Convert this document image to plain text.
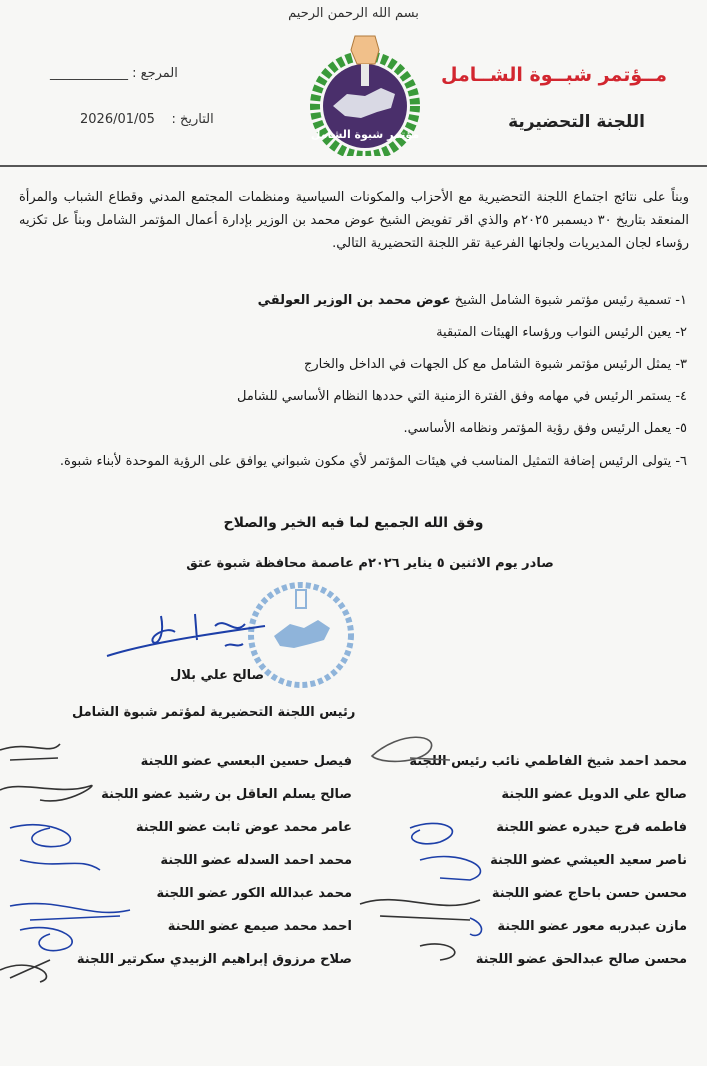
بسم الله الرحمن الرحيم
مــؤتمر شبــوة الشــامل
اللجنة التحضيرية
المرجع : ____________
التاريخ :    2026/01/05
مؤتمر شبوة الشامل
وبناً على نتائج اجتماع اللجنة التحضيرية مع الأحزاب والمكونات السياسية ومنظمات المجتمع المدني وقطاع الشباب والمرأة المنعقد بتاريخ ٣٠ ديسمبر ٢٠٢٥م والذي اقر تفويض الشيخ عوض محمد بن الوزير بإدارة أعمال المؤتمر الشامل وبناً عل تكزيه رؤساء لجان المديريات ولجانها الفرعية تقر اللجنة التحضيرية التالي.
١- تسمية رئيس مؤتمر شبوة الشامل الشيخ عوض محمد بن الوزير العولقي
٢- يعين الرئيس النواب ورؤساء الهيئات المتبقية
٣- يمثل الرئيس مؤتمر شبوة الشامل مع كل الجهات في الداخل والخارج
٤- يستمر الرئيس في مهامه وفق الفترة الزمنية التي حددها النظام الأساسي للشامل
٥- يعمل الرئيس وفق رؤية المؤتمر ونظامه الأساسي.
٦- يتولى الرئيس إضافة التمثيل المناسب في هيئات المؤتمر لأي مكون شبواني يوافق على الرؤية الموحدة لأبناء شبوة.
وفق الله الجميع لما فيه الخير والصلاح
صادر يوم الاثنين ٥ يناير ٢٠٢٦م عاصمة محافظة شبوة عتق
صالح علي بلال
رئيس اللجنة التحضيرية لمؤتمر شبوة الشامل
محمد احمد شيخ الفاطمي نائب رئيس اللجنة
صالح علي الدويل عضو اللجنة
فاطمه فرج حيدره عضو اللجنة
ناصر سعيد العيشي عضو اللجنة
محسن حسن باحاج عضو اللجنة
مازن عبدربه معور عضو اللجنة
محسن صالح عبدالحق عضو اللجنة
فيصل حسين البعسي عضو اللجنة
صالح يسلم العاقل بن رشيد عضو اللجنة
عامر محمد عوض ثابت عضو اللجنة
محمد احمد السدله عضو اللجنة
محمد عبدالله الكور عضو اللجنة
احمد محمد صيمع عضو اللحنة
صلاح مرزوق إبراهيم الزبيدي سكرتير اللجنة
